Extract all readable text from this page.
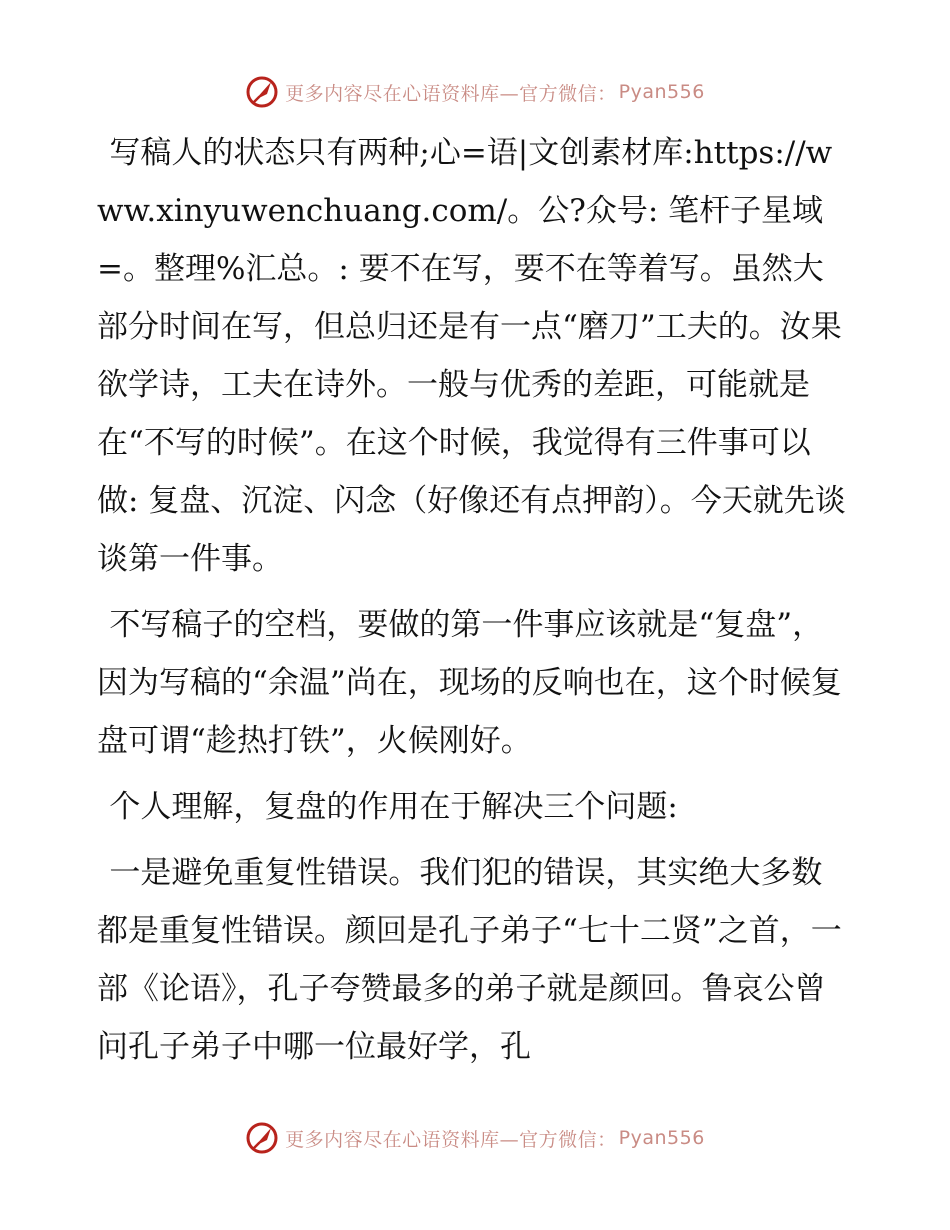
更多内容尽在心语资料库—官方微信： Pyan556

写稿人的状态只有两种;心=语|文创素材库:https://www.xinyuwenchuang.com/。公?众号: 笔杆子星域=。整理%汇总。: 要不在写，要不在等着写。虽然大部分时间在写，但总归还是有一点“磨刀”工夫的。汝果欲学诗，工夫在诗外。一般与优秀的差距，可能就是在“不写的时候”。在这个时候，我觉得有三件事可以做: 复盘、沉淀、闪念（好像还有点押韵）。今天就先谈谈第一件事。

不写稿子的空档，要做的第一件事应该就是“复盘”，因为写稿的“余温”尚在，现场的反响也在，这个时候复盘可谓“趁热打铁”，火候刚好。

个人理解，复盘的作用在于解决三个问题:

一是避免重复性错误。我们犯的错误，其实绝大多数都是重复性错误。颜回是孔子弟子“七十二贤”之首，一部《论语》，孔子夸赞最多的弟子就是颜回。鲁哀公曾问孔子弟子中哪一位最好学，孔

更多内容尽在心语资料库—官方微信： Pyan556
